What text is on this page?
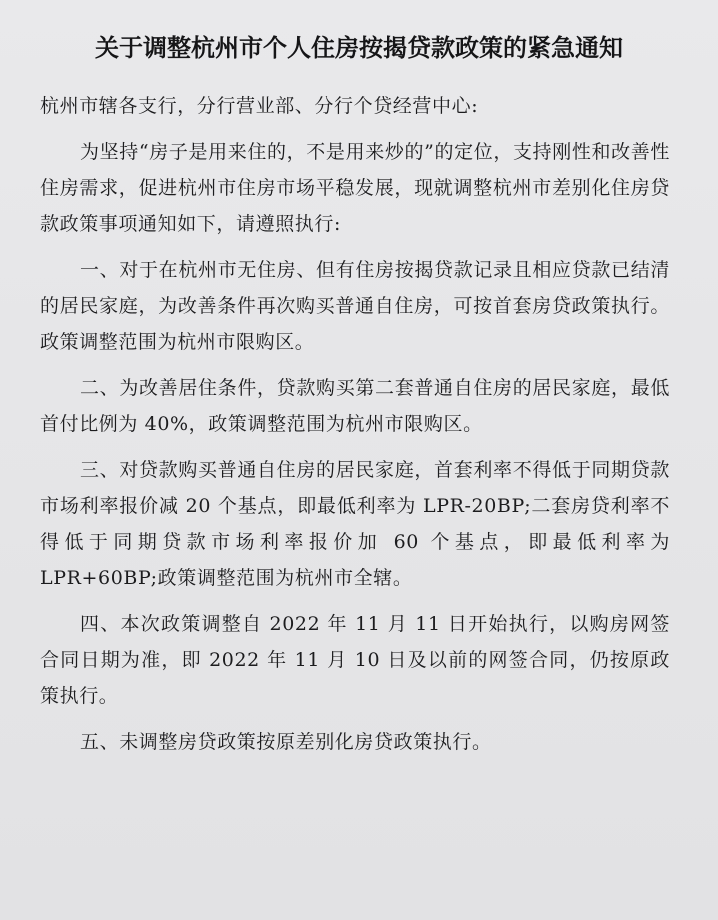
关于调整杭州市个人住房按揭贷款政策的紧急通知

杭州市辖各支行，分行营业部、分行个贷经营中心:

为坚持“房子是用来住的，不是用来炒的”的定位，支持刚性和改善性住房需求，促进杭州市住房市场平稳发展，现就调整杭州市差别化住房贷款政策事项通知如下，请遵照执行:

一、对于在杭州市无住房、但有住房按揭贷款记录且相应贷款已结清的居民家庭，为改善条件再次购买普通自住房，可按首套房贷政策执行。政策调整范围为杭州市限购区。

二、为改善居住条件，贷款购买第二套普通自住房的居民家庭，最低首付比例为 40%，政策调整范围为杭州市限购区。

三、对贷款购买普通自住房的居民家庭，首套利率不得低于同期贷款市场利率报价减 20 个基点，即最低利率为 LPR-20BP;二套房贷利率不得低于同期贷款市场利率报价加 60 个基点，即最低利率为 LPR+60BP;政策调整范围为杭州市全辖。

四、本次政策调整自 2022 年 11 月 11 日开始执行，以购房网签合同日期为准，即 2022 年 11 月 10 日及以前的网签合同，仍按原政策执行。

五、未调整房贷政策按原差别化房贷政策执行。
